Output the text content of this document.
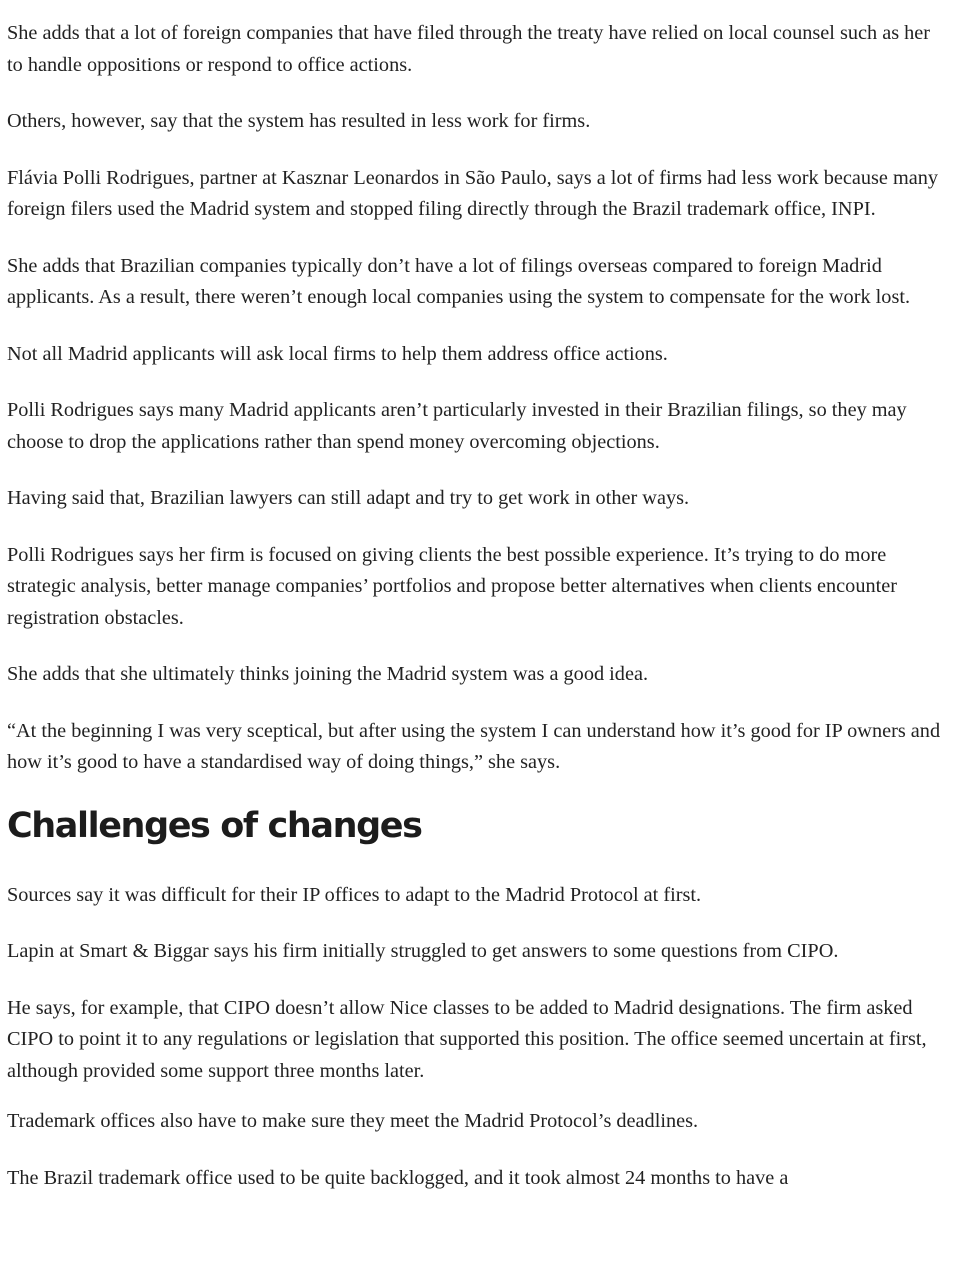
She adds that a lot of foreign companies that have filed through the treaty have relied on local counsel such as her to handle oppositions or respond to office actions.

Others, however, say that the system has resulted in less work for firms.

Flávia Polli Rodrigues, partner at Kasznar Leonardos in São Paulo, says a lot of firms had less work because many foreign filers used the Madrid system and stopped filing directly through the Brazil trademark office, INPI.

She adds that Brazilian companies typically don’t have a lot of filings overseas compared to foreign Madrid applicants. As a result, there weren’t enough local companies using the system to compensate for the work lost.

Not all Madrid applicants will ask local firms to help them address office actions.

Polli Rodrigues says many Madrid applicants aren’t particularly invested in their Brazilian filings, so they may choose to drop the applications rather than spend money overcoming objections.

Having said that, Brazilian lawyers can still adapt and try to get work in other ways.

Polli Rodrigues says her firm is focused on giving clients the best possible experience. It’s trying to do more strategic analysis, better manage companies’ portfolios and propose better alternatives when clients encounter registration obstacles.

She adds that she ultimately thinks joining the Madrid system was a good idea.

“At the beginning I was very sceptical, but after using the system I can understand how it’s good for IP owners and how it’s good to have a standardised way of doing things,” she says.

Challenges of changes

Sources say it was difficult for their IP offices to adapt to the Madrid Protocol at first.

Lapin at Smart & Biggar says his firm initially struggled to get answers to some questions from CIPO.

He says, for example, that CIPO doesn’t allow Nice classes to be added to Madrid designations. The firm asked CIPO to point it to any regulations or legislation that supported this position. The office seemed uncertain at first, although provided some support three months later.

Trademark offices also have to make sure they meet the Madrid Protocol’s deadlines.

The Brazil trademark office used to be quite backlogged, and it took almost 24 months to have a
